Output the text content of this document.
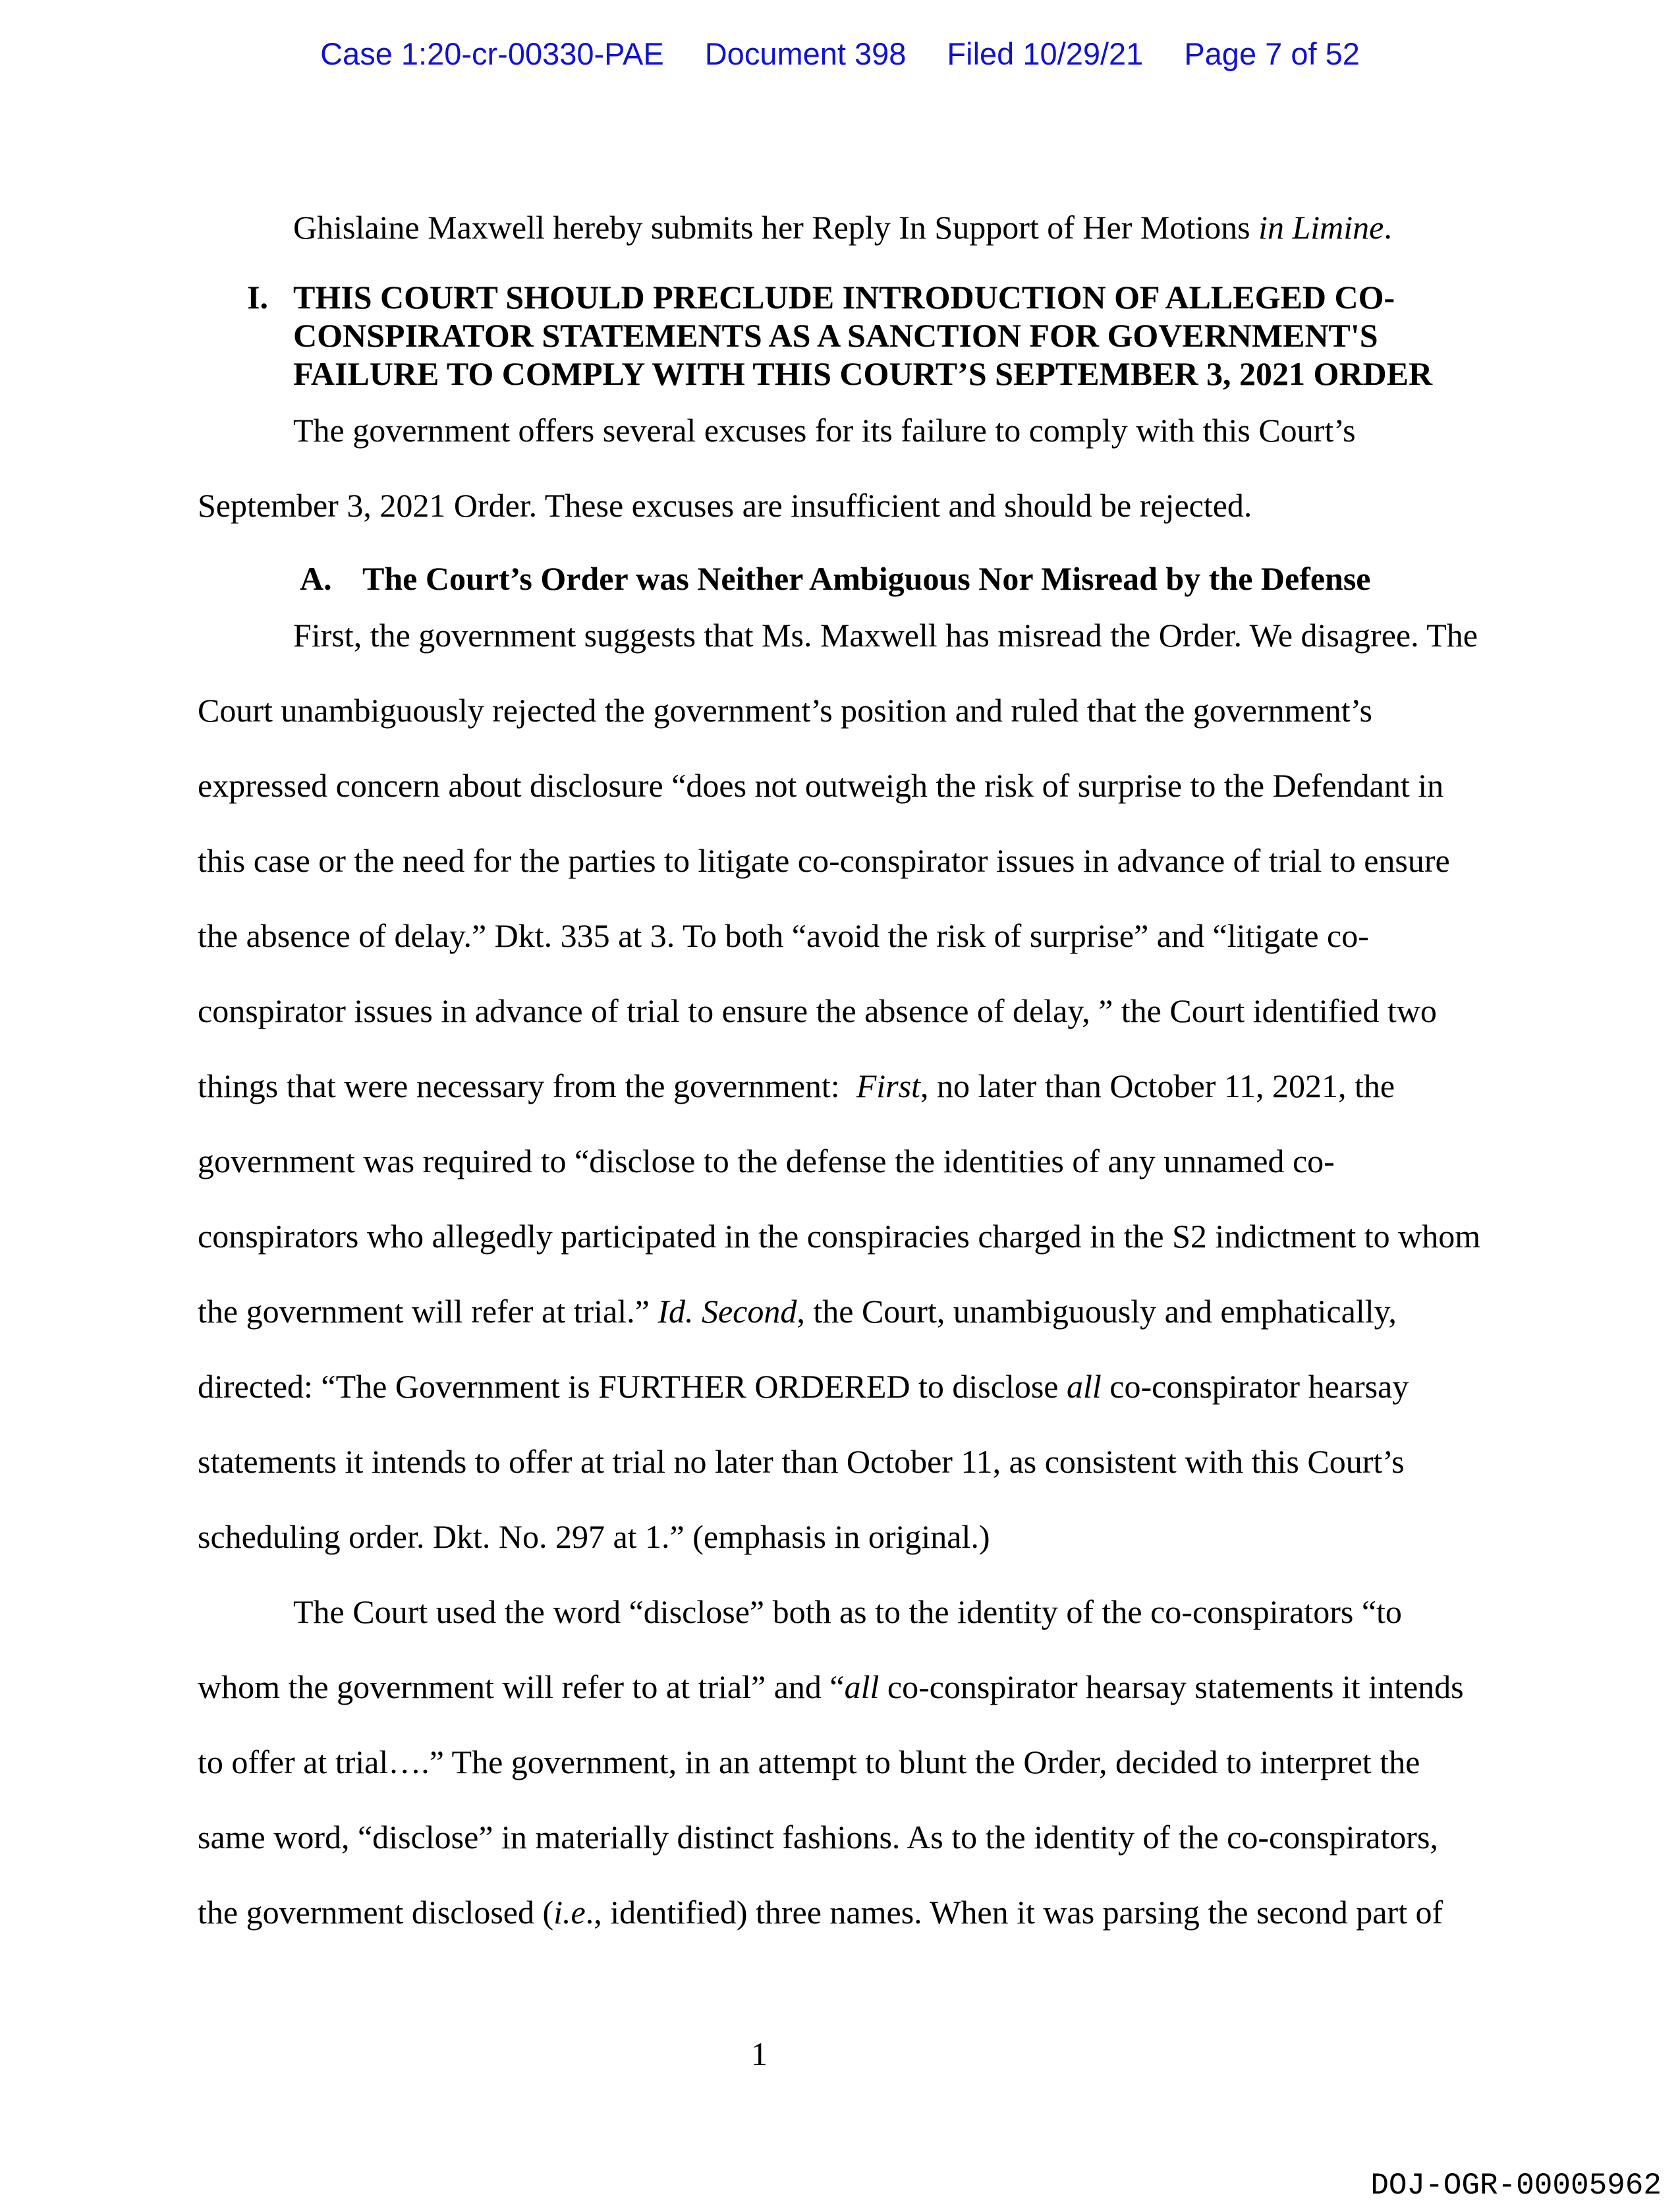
Case 1:20-cr-00330-PAE Document 398 Filed 10/29/21 Page 7 of 52

Ghislaine Maxwell hereby submits her Reply In Support of Her Motions in Limine.

I. THIS COURT SHOULD PRECLUDE INTRODUCTION OF ALLEGED CO-CONSPIRATOR STATEMENTS AS A SANCTION FOR GOVERNMENT'S FAILURE TO COMPLY WITH THIS COURT’S SEPTEMBER 3, 2021 ORDER

The government offers several excuses for its failure to comply with this Court’s September 3, 2021 Order. These excuses are insufficient and should be rejected.

A. The Court’s Order was Neither Ambiguous Nor Misread by the Defense

First, the government suggests that Ms. Maxwell has misread the Order. We disagree. The Court unambiguously rejected the government’s position and ruled that the government’s expressed concern about disclosure “does not outweigh the risk of surprise to the Defendant in this case or the need for the parties to litigate co-conspirator issues in advance of trial to ensure the absence of delay.” Dkt. 335 at 3. To both “avoid the risk of surprise” and “litigate co-conspirator issues in advance of trial to ensure the absence of delay, ” the Court identified two things that were necessary from the government:  First, no later than October 11, 2021, the government was required to “disclose to the defense the identities of any unnamed co-conspirators who allegedly participated in the conspiracies charged in the S2 indictment to whom the government will refer at trial.” Id. Second, the Court, unambiguously and emphatically, directed: “The Government is FURTHER ORDERED to disclose all co-conspirator hearsay statements it intends to offer at trial no later than October 11, as consistent with this Court’s scheduling order. Dkt. No. 297 at 1.” (emphasis in original.)

The Court used the word “disclose” both as to the identity of the co-conspirators “to whom the government will refer to at trial” and “all co-conspirator hearsay statements it intends to offer at trial….” The government, in an attempt to blunt the Order, decided to interpret the same word, “disclose” in materially distinct fashions. As to the identity of the co-conspirators, the government disclosed (i.e., identified) three names. When it was parsing the second part of

1
DOJ-OGR-00005962
